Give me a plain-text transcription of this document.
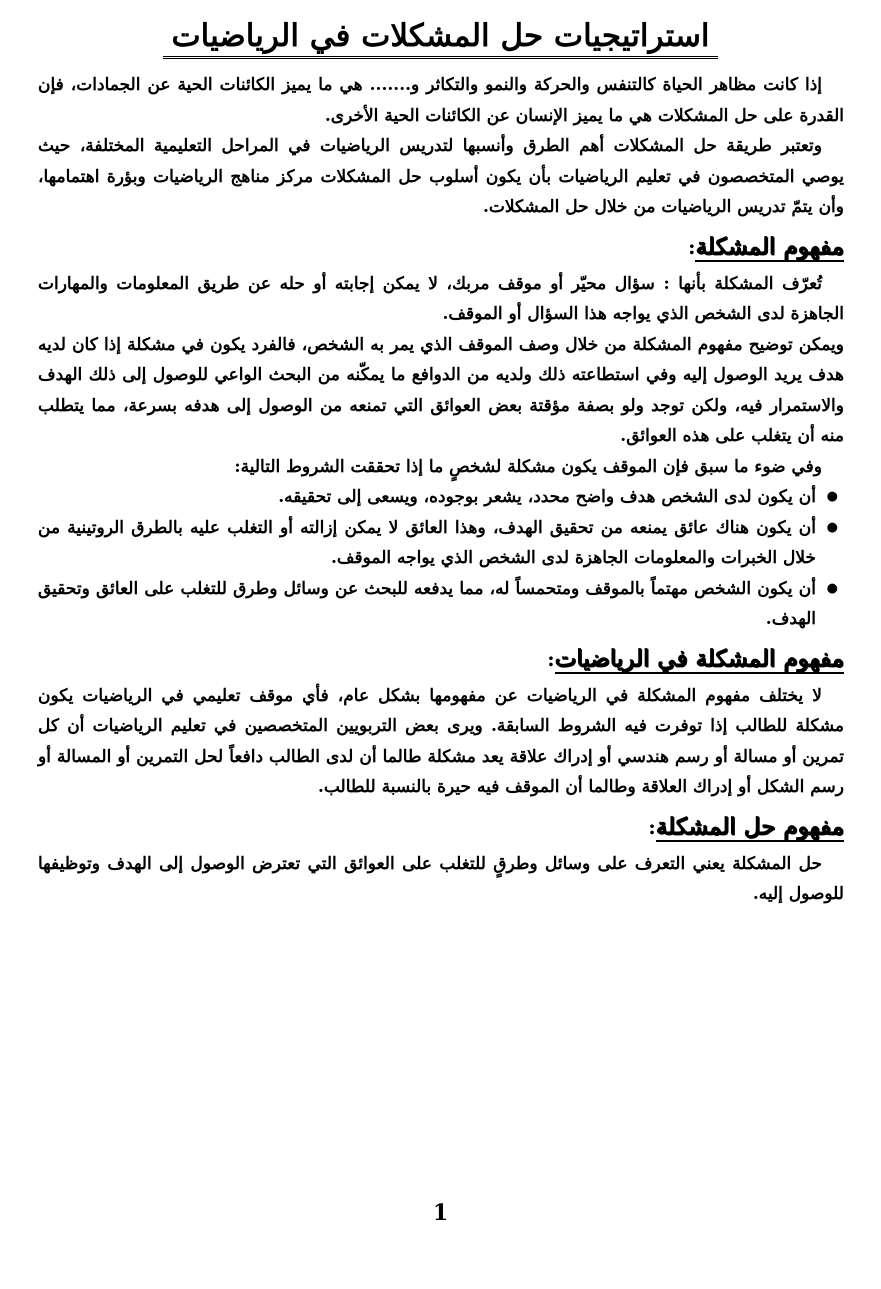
استراتيجيات حل المشكلات في الرياضيات

إذا كانت مظاهر الحياة كالتنفس والحركة والنمو والتكاثر و....... هي ما يميز الكائنات الحية عن الجمادات، فإن القدرة على حل المشكلات هي ما يميز الإنسان عن الكائنات الحية الأخرى.

وتعتبر طريقة حل المشكلات أهم الطرق وأنسبها لتدريس الرياضيات في المراحل التعليمية المختلفة، حيث يوصي المتخصصون في تعليم الرياضيات بأن يكون أسلوب حل المشكلات مركز مناهج الرياضيات وبؤرة اهتمامها، وأن يتمّ تدريس الرياضيات من خلال حل المشكلات.

مفهوم المشكلة:

تُعرّف المشكلة بأنها : سؤال محيّر أو موقف مربك، لا يمكن إجابته أو حله عن طريق المعلومات والمهارات الجاهزة لدى الشخص الذي يواجه هذا السؤال أو الموقف.

ويمكن توضيح مفهوم المشكلة من خلال وصف الموقف الذي يمر به الشخص، فالفرد يكون في مشكلة إذا كان لديه هدف يريد الوصول إليه وفي استطاعته ذلك ولديه من الدوافع ما يمكّنه من البحث الواعي للوصول إلى ذلك الهدف والاستمرار فيه، ولكن توجد ولو بصفة مؤقتة بعض العوائق التي تمنعه من الوصول إلى هدفه بسرعة، مما يتطلب منه أن يتغلب على هذه العوائق.

وفي ضوء ما سبق فإن الموقف يكون مشكلة لشخصٍ ما إذا تحققت الشروط التالية:

●
أن يكون لدى الشخص هدف واضح محدد، يشعر بوجوده، ويسعى إلى تحقيقه.
●
أن يكون هناك عائق يمنعه من تحقيق الهدف، وهذا العائق لا يمكن إزالته أو التغلب عليه بالطرق الروتينية من خلال الخبرات والمعلومات الجاهزة لدى الشخص الذي يواجه الموقف.
●
أن يكون الشخص مهتماً بالموقف ومتحمساً له، مما يدفعه للبحث عن وسائل وطرق للتغلب على العائق وتحقيق الهدف.
مفهوم المشكلة في الرياضيات:

لا يختلف مفهوم المشكلة في الرياضيات عن مفهومها بشكل عام، فأي موقف تعليمي في الرياضيات يكون مشكلة للطالب إذا توفرت فيه الشروط السابقة. ويرى بعض التربويين المتخصصين في تعليم الرياضيات أن كل تمرين أو مسالة أو رسم هندسي أو إدراك علاقة يعد مشكلة طالما أن لدى الطالب دافعاً لحل التمرين أو المسالة أو رسم الشكل أو إدراك العلاقة وطالما أن الموقف فيه حيرة بالنسبة للطالب.

مفهوم حل المشكلة:

حل المشكلة يعني التعرف على وسائل وطرقٍ للتغلب على العوائق التي تعترض الوصول إلى الهدف وتوظيفها للوصول إليه.

1
